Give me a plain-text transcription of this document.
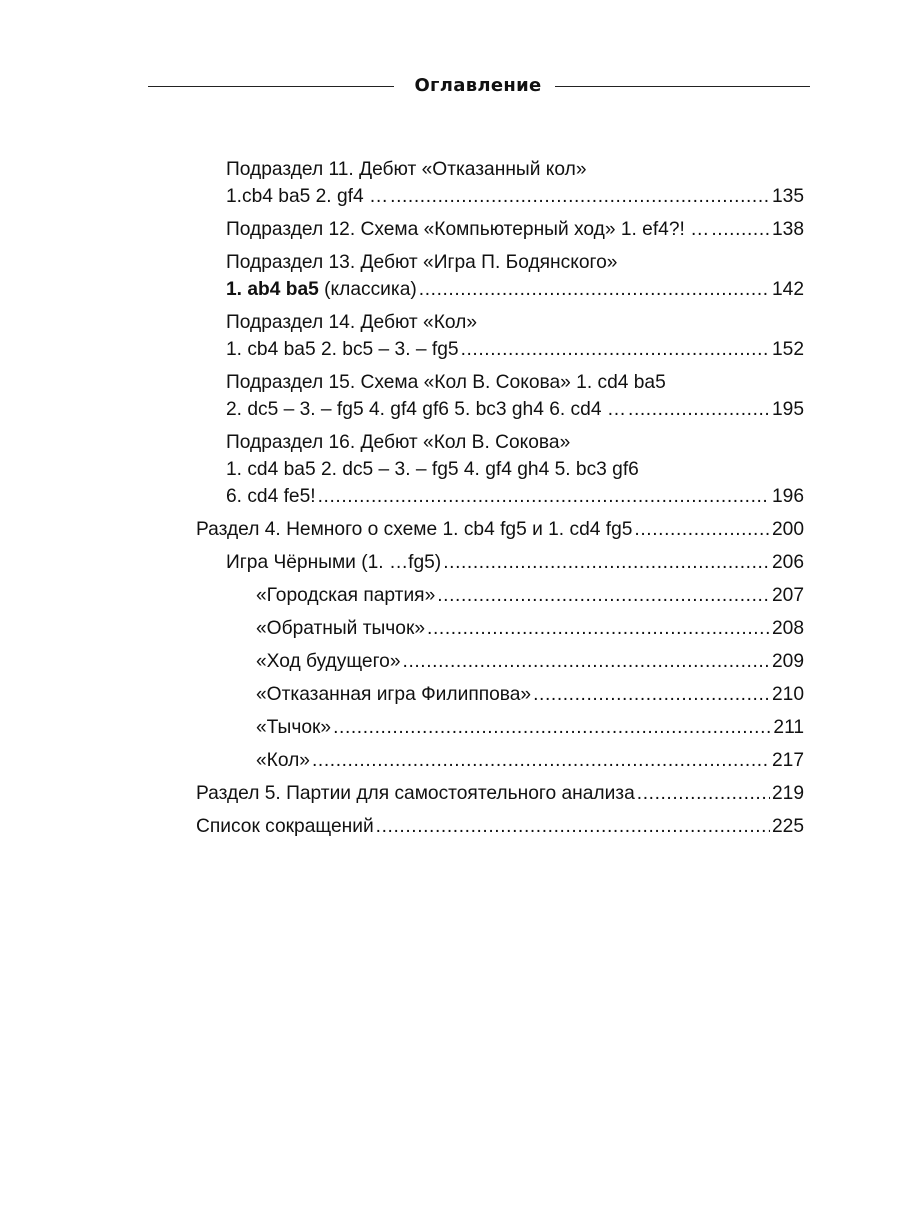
Оглавление
Подраздел 11. Дебют «Отказанный кол»
1.cb4 ba5 2. gf4 … .....	135
Подраздел 12. Схема «Компьютерный ход» 1. ef4?! … .....	138
Подраздел 13. Дебют «Игра П. Бодянского»
1. ab4 ba5 (классика) .....	142
Подраздел 14. Дебют «Кол»
1. cb4 ba5 2. bc5 – 3. – fg5 .....	152
Подраздел 15. Схема «Кол В. Сокова» 1. cd4 ba5
2. dc5 – 3. – fg5 4. gf4 gf6 5. bc3 gh4 6. cd4 … .....	195
Подраздел 16. Дебют «Кол В. Сокова»
1. cd4 ba5 2. dc5 – 3. – fg5 4. gf4 gh4 5. bc3 gf6
6. cd4 fe5! .....	196
Раздел 4. Немного о схеме 1. cb4 fg5 и 1. cd4 fg5 .....	200
Игра Чёрными (1. …fg5) .....	206
«Городская партия» .....	207
«Обратный тычок» .....	208
«Ход будущего» .....	209
«Отказанная игра Филиппова» .....	210
«Тычок» .....	211
«Кол» .....	217
Раздел 5. Партии для самостоятельного анализа .....	219
Список сокращений .....	225
